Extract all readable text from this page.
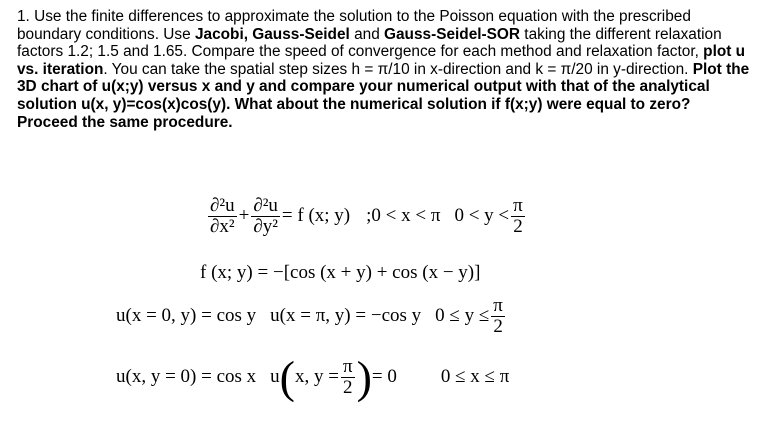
1. Use the finite differences to approximate the solution to the Poisson equation with the prescribed boundary conditions. Use Jacobi, Gauss-Seidel and Gauss-Seidel-SOR taking the different relaxation factors 1.2; 1.5 and 1.65. Compare the speed of convergence for each method and relaxation factor, plot u vs. iteration. You can take the spatial step sizes h = π/10 in x-direction and k = π/20 in y-direction. Plot the 3D chart of u(x;y) versus x and y and compare your numerical output with that of the analytical solution u(x, y)=cos(x)cos(y). What about the numerical solution if f(x;y) were equal to zero? Proceed the same procedure.
$\frac{\text{∂²u}}{\text{∂x²}} + \frac{\text{∂²u}}{\text{∂y²}} = f$ (x; y) ;0 < x < π $0 < y < \frac{\pi}{2}$
f (x; y) = −[cos (x + y) + cos (x − y)]
u(x = 0, y) = cos y u(x = π, y) = −cos y $0 \le y \le \frac{\pi}{2}$
u(x, y = 0) = cos x u(x, $y = \frac{\pi}{2}$ )= 0 0 ≤ x ≤ π
